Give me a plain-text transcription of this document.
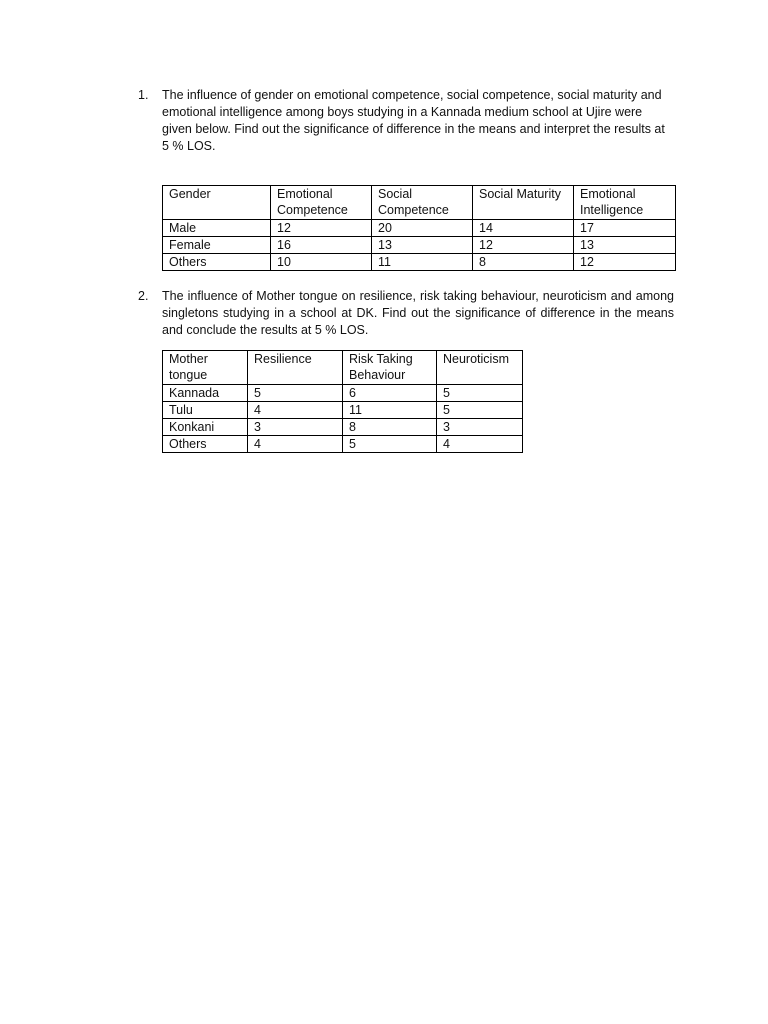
1.	The influence of gender on emotional competence, social competence, social maturity and emotional intelligence among boys studying in a Kannada medium school at Ujire were given below. Find out the significance of difference in the means and interpret the results at 5 % LOS.
Gender	Emotional Competence	Social Competence	Social Maturity	Emotional Intelligence
Male	12	20	14	17
Female	16	13	12	13
Others	10	11	8	12
2.	The influence of Mother tongue on resilience, risk taking behaviour, neuroticism and among singletons studying in a school at DK. Find out the significance of difference in the means and conclude the results at 5 % LOS.
Mother tongue	Resilience	Risk Taking Behaviour	Neuroticism
Kannada	5	6	5
Tulu	4	11	5
Konkani	3	8	3
Others	4	5	4
